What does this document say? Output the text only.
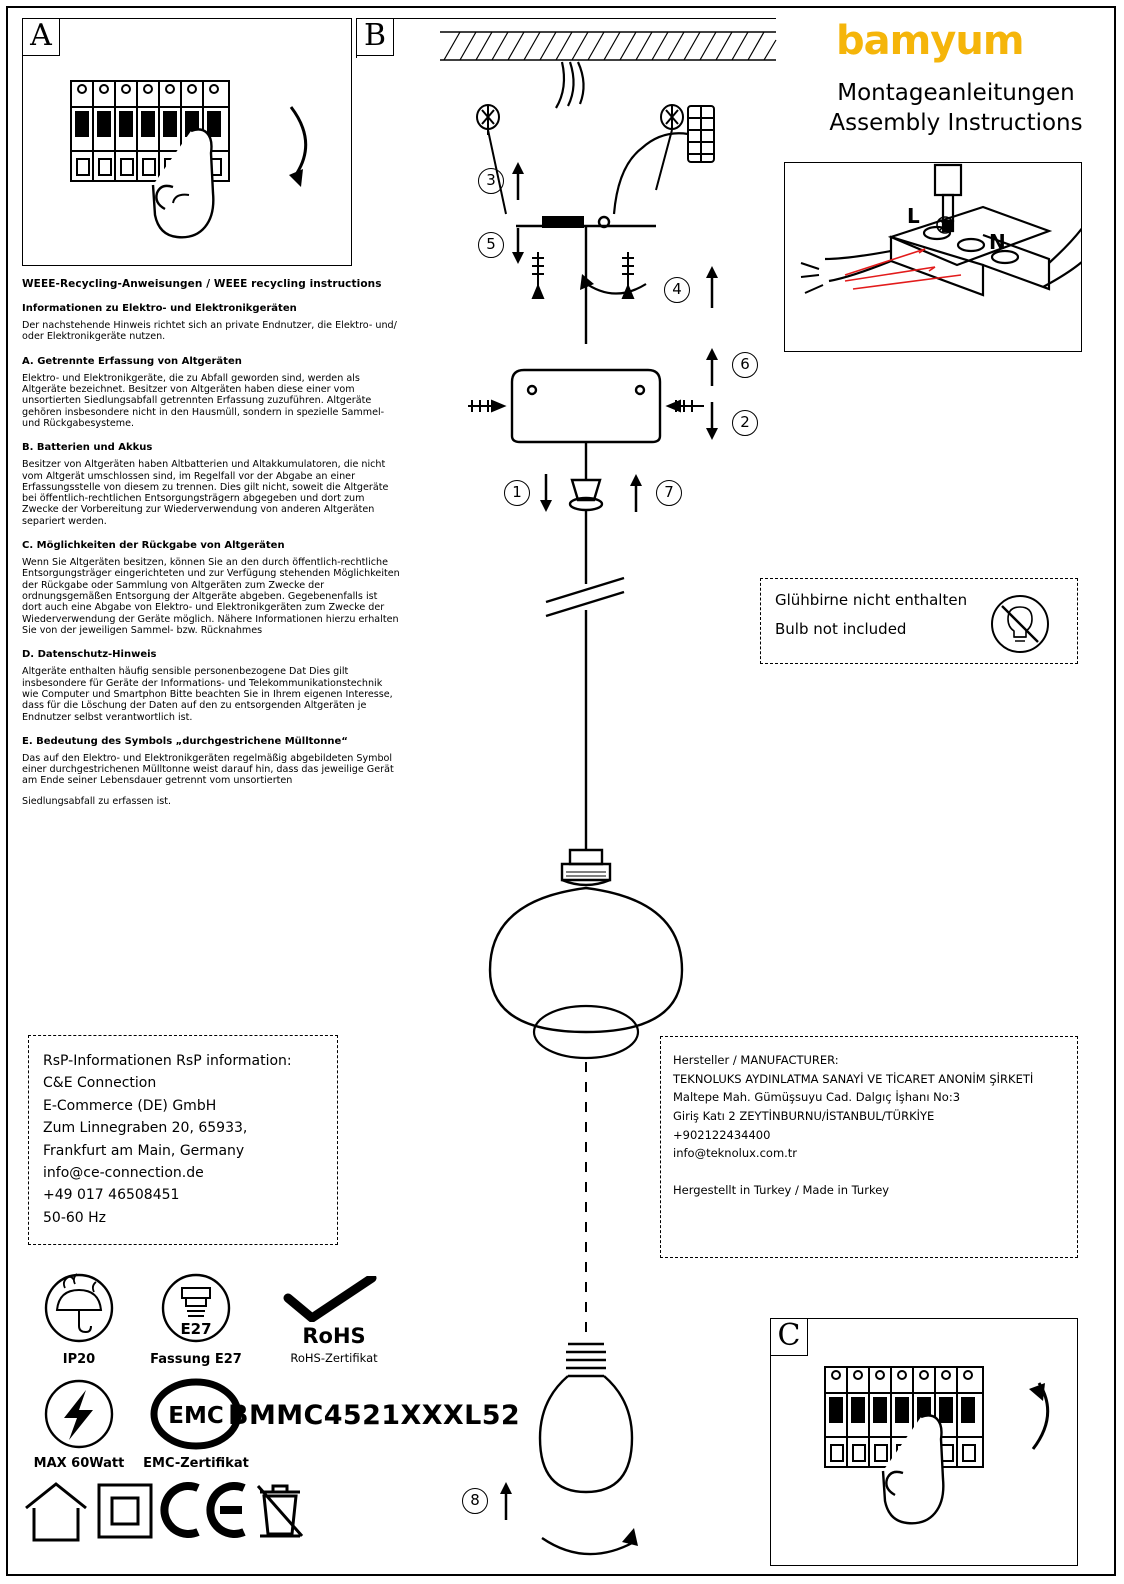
A	B
3
5
4
6
2
1	7
8
L
N
L
N
bamyum
Montageanleitungen
Assembly Instructions
WEEE-Recycling-Anweisungen / WEEE recycling instructions
Informationen zu Elektro- und Elektronikgeräten

Der nachstehende Hinweis richtet sich an private Endnutzer, die Elektro- und/ oder Elektronikgeräte nutzen.

A. Getrennte Erfassung von Altgeräten

Elektro- und Elektronikgeräte, die zu Abfall geworden sind, werden als Altgeräte bezeichnet. Besitzer von Altgeräten haben diese einer vom unsortierten Siedlungsabfall getrennten Erfassung zuzuführen. Altgeräte gehören insbesondere nicht in den Hausmüll, sondern in spezielle Sammel- und Rückgabesysteme.

B. Batterien und Akkus

Besitzer von Altgeräten haben Altbatterien und Altakkumulatoren, die nicht vom Altgerät umschlossen sind, im Regelfall vor der Abgabe an einer Erfassungsstelle von diesem zu trennen. Dies gilt nicht, soweit die Altgeräte bei öffentlich-rechtlichen Entsorgungsträgern abgegeben und dort zum Zwecke der Vorbereitung zur Wiederverwendung von anderen Altgeräten separiert werden.

C. Möglichkeiten der Rückgabe von Altgeräten

Wenn Sie Altgeräten besitzen, können Sie an den durch öffentlich-rechtliche Entsorgungsträger eingerichteten und zur Verfügung stehenden Möglichkeiten der Rückgabe oder Sammlung von Altgeräten zum Zwecke der ordnungsgemäßen Entsorgung der Altgeräte abgeben. Gegebenenfalls ist dort auch eine Abgabe von Elektro- und Elektronikgeräten zum Zwecke der Wiederverwendung der Geräte möglich. Nähere Informationen hierzu erhalten Sie von der jeweiligen Sammel- bzw. Rücknahmes

D. Datenschutz-Hinweis

Altgeräte enthalten häufig sensible personenbezogene Dat Dies gilt insbesondere für Geräte der Informations- und Telekommunikationstechnik wie Computer und Smartphon Bitte beachten Sie in Ihrem eigenen Interesse, dass für die Löschung der Daten auf den zu entsorgenden Altgeräten je Endnutzer selbst verantwortlich ist.

E. Bedeutung des Symbols „durchgestrichene Mülltonne“

Das auf den Elektro- und Elektronikgeräten regelmäßig abgebildeten Symbol einer durchgestrichenen Mülltonne weist darauf hin, dass das jeweilige Gerät am Ende seiner Lebensdauer getrennt vom unsortierten

Siedlungsabfall zu erfassen ist.

Glühbirne nicht enthalten
Bulb not included
RsP-Informationen RsP information:
C&E Connection
E-Commerce (DE) GmbH
Zum Linnegraben 20, 65933,
Frankfurt am Main, Germany
info@ce-connection.de
+49 017 46508451
50-60 Hz
Hersteller / MANUFACTURER:
TEKNOLUKS AYDINLATMA SANAYİ VE TİCARET ANONİM ŞİRKETİ
Maltepe Mah. Gümüşsuyu Cad. Dalgıç İşhanı No:3
Giriş Katı 2 ZEYTİNBURNU/İSTANBUL/TÜRKİYE
+902122434400
info@teknolux.com.tr
Hergestellt in Turkey / Made in Turkey
IP20
E27
Fassung E27
RoHS
RoHS-Zertifikat
MAX 60Watt
EMC
EMC-Zertifikat
BMMC4521XXXL52
C
